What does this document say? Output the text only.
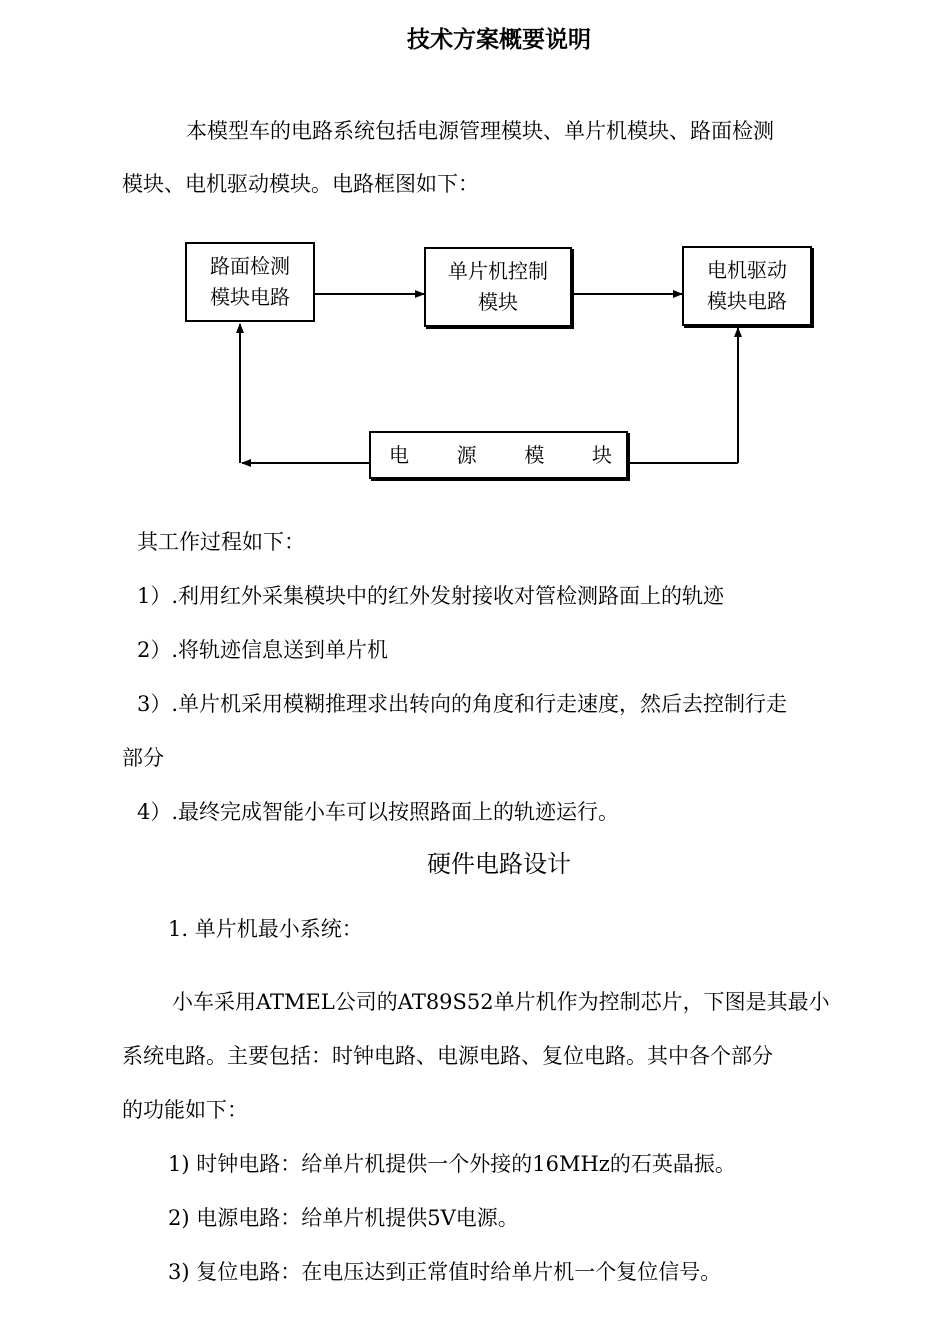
技术方案概要说明
本模型车的电路系统包括电源管理模块、单片机模块、路面检测
模块、电机驱动模块。电路框图如下：
路面检测
模块电路
单片机控制
模块
电机驱动
模块电路
电 源 模 块
其工作过程如下：
1）.利用红外采集模块中的红外发射接收对管检测路面上的轨迹
2）.将轨迹信息送到单片机
3）.单片机采用模糊推理求出转向的角度和行走速度，然后去控制行走
部分
4）.最终完成智能小车可以按照路面上的轨迹运行。
硬件电路设计
1. 单片机最小系统：
小车采用ATMEL公司的AT89S52单片机作为控制芯片，下图是其最小
系统电路。主要包括：时钟电路、电源电路、复位电路。其中各个部分
的功能如下：
1) 时钟电路：给单片机提供一个外接的16MHz的石英晶振。
2) 电源电路：给单片机提供5V电源。
3) 复位电路：在电压达到正常值时给单片机一个复位信号。
